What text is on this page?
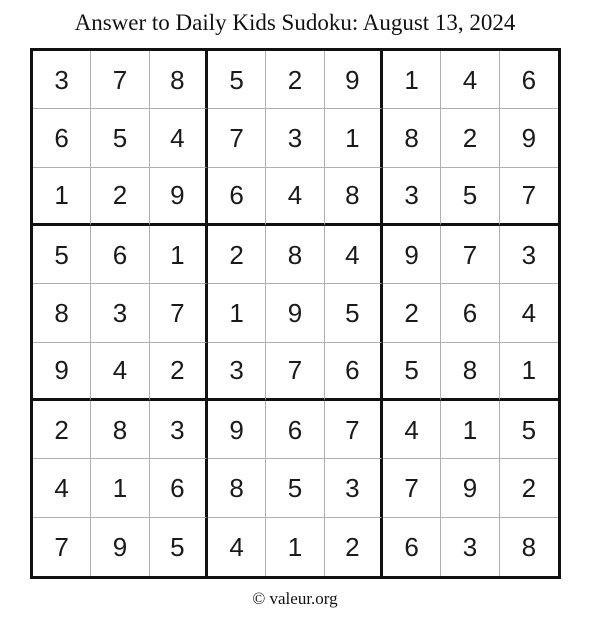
Answer to Daily Kids Sudoku: August 13, 2024
3	7	8	5	2	9	1	4	6
6	5	4	7	3	1	8	2	9
1	2	9	6	4	8	3	5	7
5	6	1	2	8	4	9	7	3
8	3	7	1	9	5	2	6	4
9	4	2	3	7	6	5	8	1
2	8	3	9	6	7	4	1	5
4	1	6	8	5	3	7	9	2
7	9	5	4	1	2	6	3	8
© valeur.org
